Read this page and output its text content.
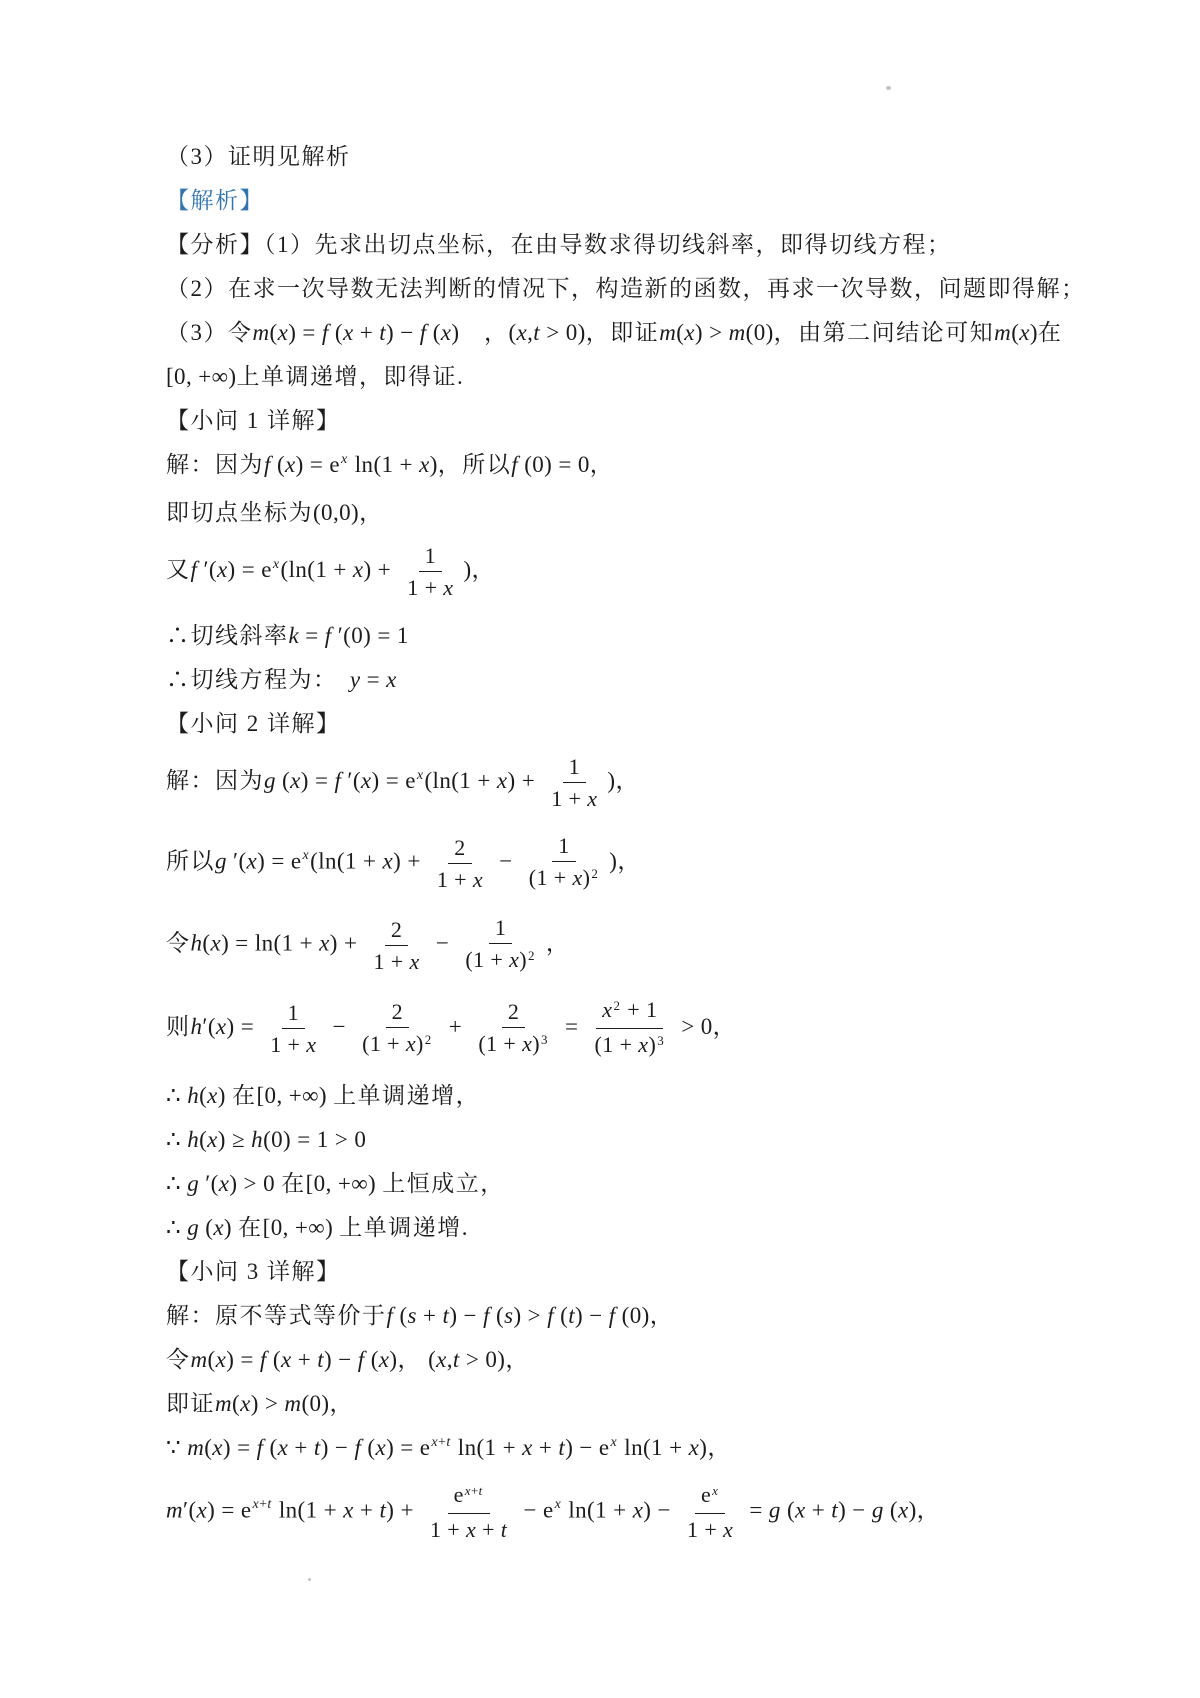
（3）证明见解析
【解析】
【分析】（1）先求出切点坐标，在由导数求得切线斜率，即得切线方程；
（2）在求一次导数无法判断的情况下，构造新的函数，再求一次导数，问题即得解；
（3）令m(x) = f (x + t) − f (x)　，(x,t > 0)，即证m(x) > m(0)，由第二问结论可知m(x)在
[0, +∞)上单调递增，即得证.
【小问 1 详解】
解：因为f $(x) = e^x$ ln(1 + x)，所以f (0) = 0，
即切点坐标为(0,0)，
又f $'(x) = e^x(\ln(1 + x) + \frac{1}{1 + x}$ )，
∴切线斜率k = f ′(0) = 1
∴切线方程为： y = x
【小问 2 详解】
解：因为g (x) = f $'(x) = e^x(\ln(1 + x) + \frac{1}{1 + x}$ )，
所以g $'(x) = e^x(\ln(1 + x) + \frac{2}{1 + x} - \frac{1}{(1 + x)^2}$ )，
令$h(x) = \ln(1 + x) + \frac{2}{1 + x} - \frac{1}{(1 + x)^2}$ ，
则$h'(x) = \frac{1}{1 + x} - \frac{2}{(1 + x)^2} + \frac{2}{(1 + x)^3} = \frac{x^2 + 1}{(1 + x)^3} > 0$，
∴ h(x) 在[0, +∞) 上单调递增，
∴ h(x) ≥ h(0) = 1 > 0
∴ g ′(x) > 0 在[0, +∞) 上恒成立，
∴ g (x) 在[0, +∞) 上单调递增.
【小问 3 详解】
解：原不等式等价于f (s + t) − f (s) > f (t) − f (0)，
令m(x) = f (x + t) − f (x)， (x,t > 0)，
即证m(x) > m(0)，
∵ m(x) = f (x + t) − f $(x) = e^{x+t}$ $\ln(1 + x + t) - e^x$ ln(1 + x)，
$m'(x) = e^{x+t}$ $\ln(1 + x + t) + \frac{e^{x+t}}{1 + x + t} - e^x$ $\ln(1 + x) - \frac{e^x}{1 + x} = g$ (x + t) − g (x)，
